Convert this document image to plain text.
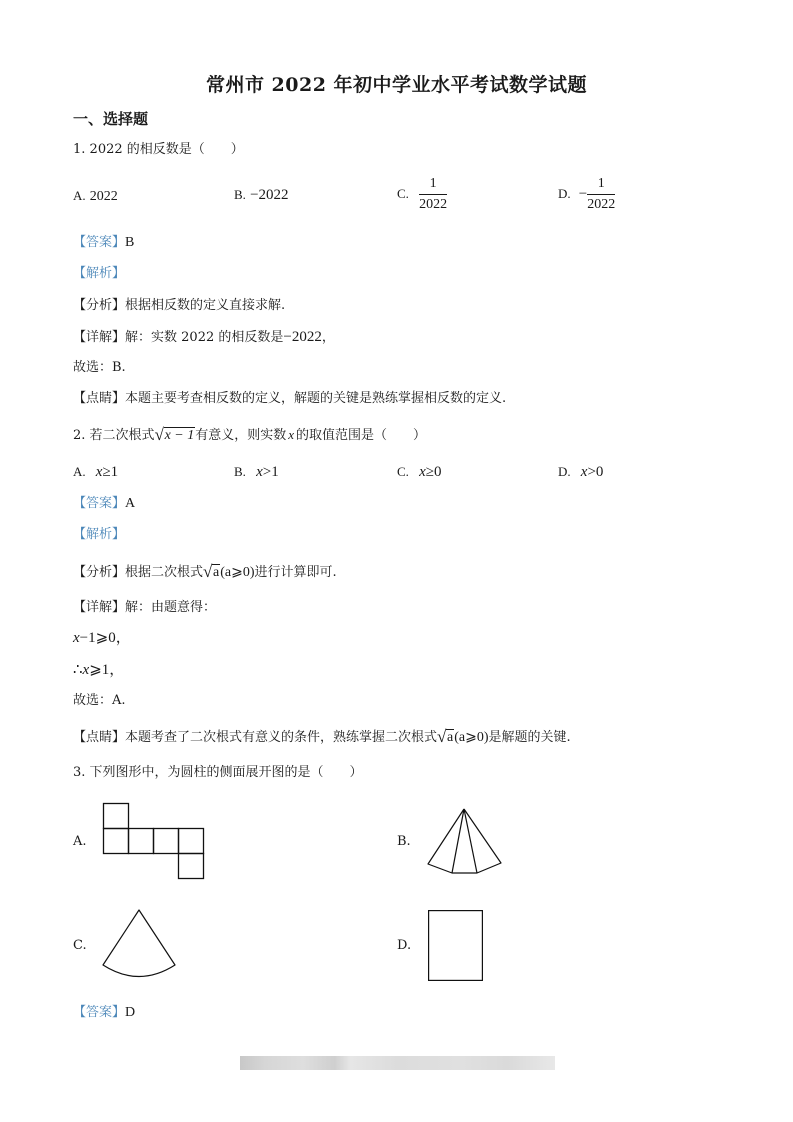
常州市 2022 年初中学业水平考试数学试题
一、选择题
1. 2022 的相反数是（　　）
A. 2022	B. −2022	C. $\frac{1}{2022}$	D. − $\frac{1}{2022}$
【答案】B
【解析】
【分析】根据相反数的定义直接求解.
【详解】解：实数 2022 的相反数是−2022，
故选：B.
【点睛】本题主要考查相反数的定义，解题的关键是熟练掌握相反数的定义.
2. 若二次根式 √ x − 1有意义，则实数 x 的取值范围是（　　）
A. x≥1	B. x>1	C. x≥0	D. x>0
【答案】A
【解析】
【分析】根据二次根式 √ a(a⩾0)进行计算即可.
【详解】解：由题意得：
x−1⩾0，
∴x⩾1，
故选：A.
【点睛】本题考查了二次根式有意义的条件，熟练掌握二次根式 √ a(a⩾0)是解题的关键.
3. 下列图形中，为圆柱的侧面展开图的是（　　）
A.	B.
C.	D.
【答案】D
